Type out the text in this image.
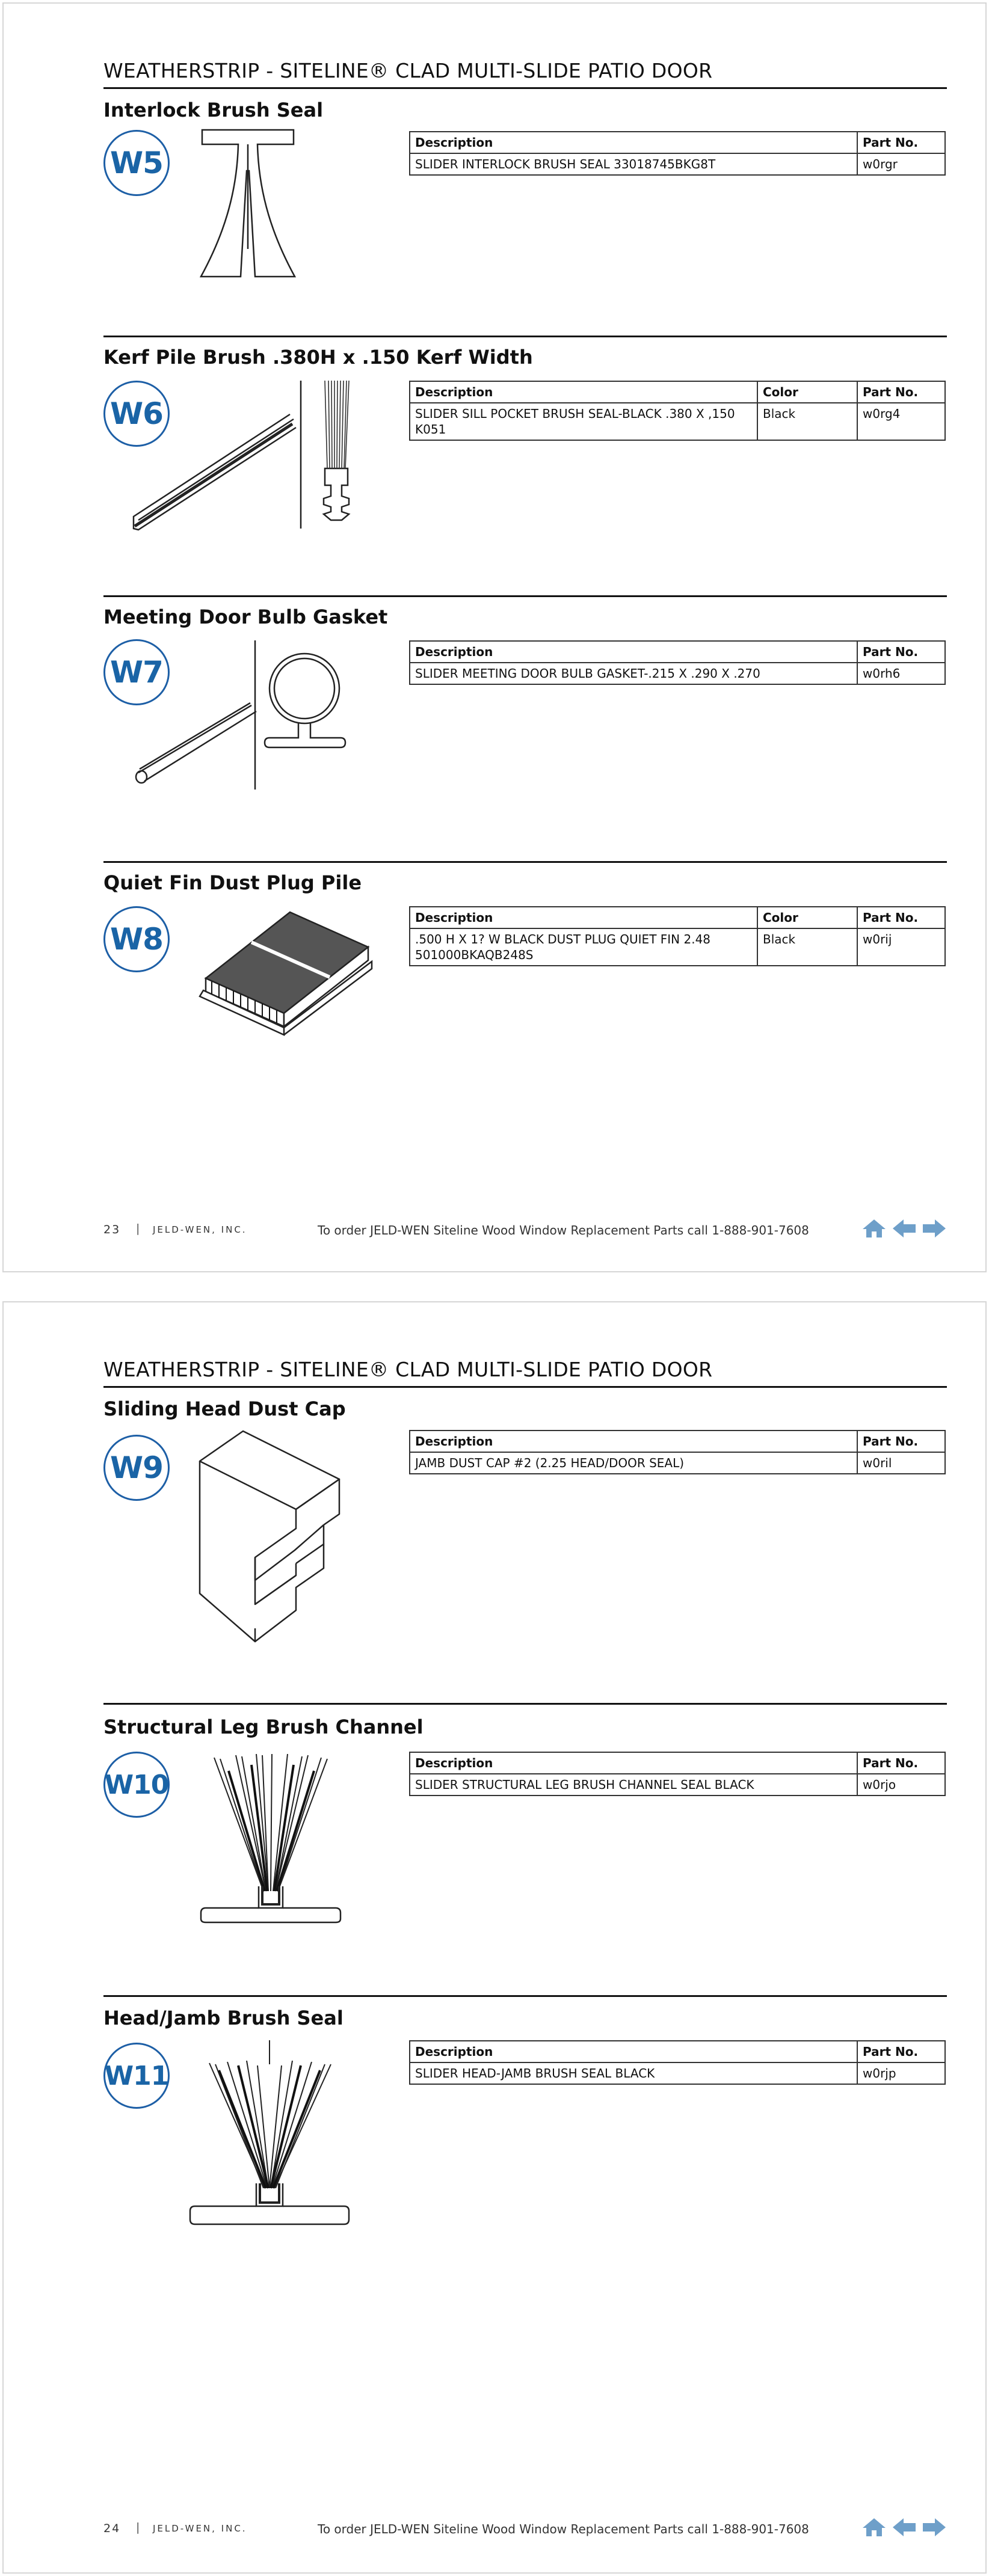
WEATHERSTRIP - SITELINE® CLAD MULTI-SLIDE PATIO DOOR
Interlock Brush Seal
W5
Description	Part No.
SLIDER INTERLOCK BRUSH SEAL 33018745BKG8T	w0rgr
Kerf Pile Brush .380H x .150 Kerf Width
W6
Description	Color	Part No.
SLIDER SILL POCKET BRUSH SEAL-BLACK .380 X ,150 K051	Black	w0rg4
Meeting Door Bulb Gasket
W7
Description	Part No.
SLIDER MEETING DOOR BULB GASKET-.215 X .290 X .270	w0rh6
Quiet Fin Dust Plug Pile
W8
Description	Color	Part No.
.500 H X 1? W BLACK DUST PLUG QUIET FIN 2.48 501000BKAQB248S	Black	w0rij
23 | JELD-WEN, INC.	To order JELD-WEN Siteline Wood Window Replacement Parts call 1-888-901-7608
WEATHERSTRIP - SITELINE® CLAD MULTI-SLIDE PATIO DOOR
Sliding Head Dust Cap
W9
Description	Part No.
JAMB DUST CAP #2 (2.25 HEAD/DOOR SEAL)	w0ril
Structural Leg Brush Channel
W10
Description	Part No.
SLIDER STRUCTURAL LEG BRUSH CHANNEL SEAL BLACK	w0rjo
Head/Jamb Brush Seal
W11
Description	Part No.
SLIDER HEAD-JAMB BRUSH SEAL BLACK	w0rjp
24 | JELD-WEN, INC.	To order JELD-WEN Siteline Wood Window Replacement Parts call 1-888-901-7608
